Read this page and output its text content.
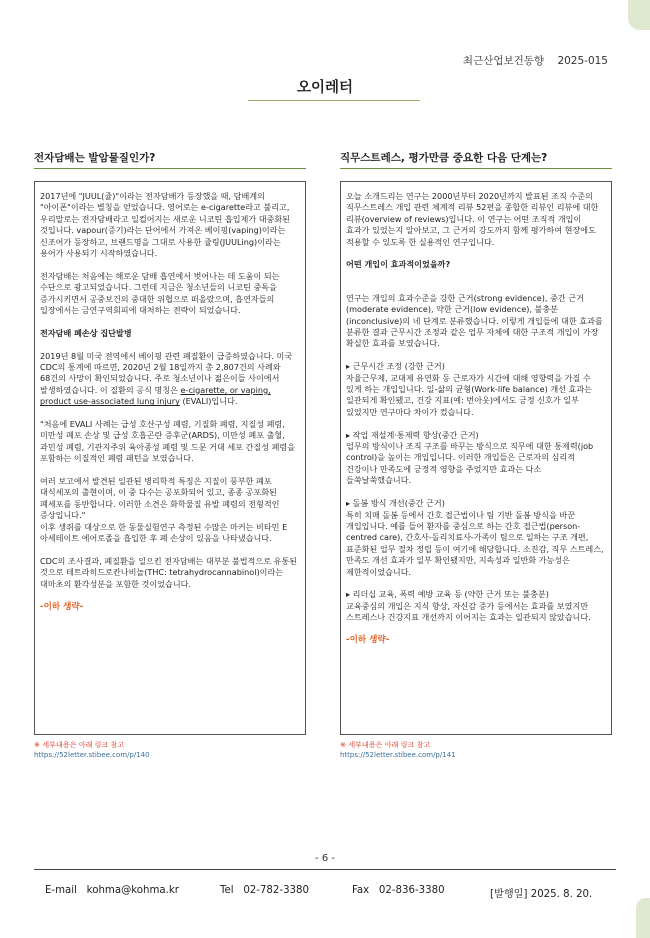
최근산업보건동향 2025-015
오이레터
전자담배는 발암물질인가?

2017년에 "JUUL(쥴)"이라는 전자담배가 등장했을 때, 담배계의 "아이폰"이라는 별칭을 얻었습니다. 영어로는 e-cigarette라고 불리고, 우리말로는 전자담배라고 일컬어지는 새로운 니코틴 흡입제가 대중화된 것입니다. vapour(증기)라는 단어에서 가져온 베이핑(vaping)이라는 신조어가 등장하고, 브랜드명을 그대로 사용한 쥴링(JUULing)이라는 용어가 사용되기 시작하였습니다.

전자담배는 처음에는 해로운 담배 흡연에서 벗어나는 데 도움이 되는 수단으로 광고되었습니다. 그런데 지금은 청소년들의 니코틴 중독을 증가시키면서 공중보건의 중대한 위협으로 떠올랐으며, 흡연자들의 입장에서는 금연구역회피에 대처하는 전략이 되었습니다.

전자담배 폐손상 집단발병

2019년 8월 미국 전역에서 베이핑 관련 폐질환이 급증하였습니다. 미국 CDC의 통계에 따르면, 2020년 2월 18일까지 총 2,807건의 사례와 68건의 사망이 확인되었습니다. 주로 청소년이나 젊은이들 사이에서 발생하였습니다. 이 질환의 공식 명칭은 e-cigarette, or vaping, product use-associated lung injury (EVALI)입니다.

"처음에 EVALI 사례는 급성 호산구성 폐렴, 기질화 폐렴, 지질성 폐렴, 미만성 폐포 손상 및 급성 호흡곤란 증후군(ARDS), 미만성 폐포 출혈, 과민성 폐렴, 기관지주위 육아종성 폐렴 및 드문 거대 세포 간질성 폐렴을 포함하는 이질적인 폐렴 패턴을 보였습니다.

여러 보고에서 발견된 일관된 병리학적 특징은 지질이 풍부한 폐포 대식세포의 출현이며, 이 중 다수는 공포화되어 있고, 종종 공포화된 폐세포를 동반합니다. 이러한 소견은 화학물질 유발 폐렴의 전형적인 증상입니다."
이후 생쥐를 대상으로 한 동물실험연구 측정된 수많은 마커는 비타민 E 아세테이트 에어로졸을 흡입한 후 폐 손상이 있음을 나타냈습니다.

CDC의 조사결과, 폐질환을 일으킨 전자담배는 대부분 불법적으로 유통된 것으로 테트라히드로칸나비놀(THC: tetrahydrocannabinol)이라는 대마초의 환각성분을 포함한 것이었습니다.

-이하 생략-
※ 세부내용은 아래 링크 참고
https://52letter.stibee.com/p/140
직무스트레스, 평가만큼 중요한 다음 단계는?

오늘 소개드리는 연구는 2000년부터 2020년까지 발표된 조직 수준의 직무스트레스 개입 관련 체계적 리뷰 52편을 종합한 리뷰인 리뷰에 대한 리뷰(overview of reviews)입니다. 이 연구는 어떤 조직적 개입이 효과가 있었는지 알아보고, 그 근거의 강도까지 함께 평가하여 현장에도 적용할 수 있도록 한 실용적인 연구입니다.

어떤 개입이 효과적이었을까?

연구는 개입의 효과수준을 강한 근거(strong evidence), 중간 근거(moderate evidence), 약한 근거(low evidence), 불충분(inconclusive)의 네 단계로 분류했습니다. 이렇게 개입들에 대한 효과를 분류한 결과 근무시간 조정과 같은 업무 자체에 대한 구조적 개입이 가장 확실한 효과를 보였습니다.

▸ 근무시간 조정 (강한 근거)
자율근무제, 교대제 유연화 등 근로자가 시간에 대해 영향력을 가질 수 있게 하는 개입입니다. 일-삶의 균형(Work-life balance) 개선 효과는 일관되게 확인됐고, 건강 지표(예: 번아웃)에서도 긍정 신호가 일부 있었지만 연구마다 차이가 컸습니다.

▸ 작업 재설계·통제력 향상(중간 근거)
업무의 방식이나 조직 구조를 바꾸는 방식으로 직무에 대한 통제력(job control)을 높이는 개입입니다. 이러한 개입들은 근로자의 심리적 건강이나 만족도에 긍정적 영향을 주었지만 효과는 다소 들쑥날쑥했습니다.

▸ 돌봄 방식 개선(중간 근거)
특히 치매 돌봄 등에서 간호 접근법이나 팀 기반 돌봄 방식을 바꾼 개입입니다. 예를 들어 환자를 중심으로 하는 간호 접근법(person-centred care), 간호사-돌리치료사-가족이 팀으로 일하는 구조 개편, 표준화된 업무 절차 정립 등이 여기에 해당합니다. 소진감, 직무 스트레스, 만족도 개선 효과가 일부 확인됐지만, 지속성과 일반화 가능성은 제한적이었습니다.

▸ 리더십 교육, 폭력 예방 교육 등 (약한 근거 또는 불충분)
교육중심의 개입은 지식 향상, 자신감 증가 등에서는 효과를 보였지만 스트레스나 건강지표 개선까지 이어지는 효과는 일관되지 않았습니다.

-이하 생략-
※ 세부내용은 아래 링크 참고
https://52letter.stibee.com/p/141
- 6 -
E-mail kohma@kohma.kr	Tel 02-782-3380	Fax 02-836-3380	[발행일] 2025. 8. 20.
